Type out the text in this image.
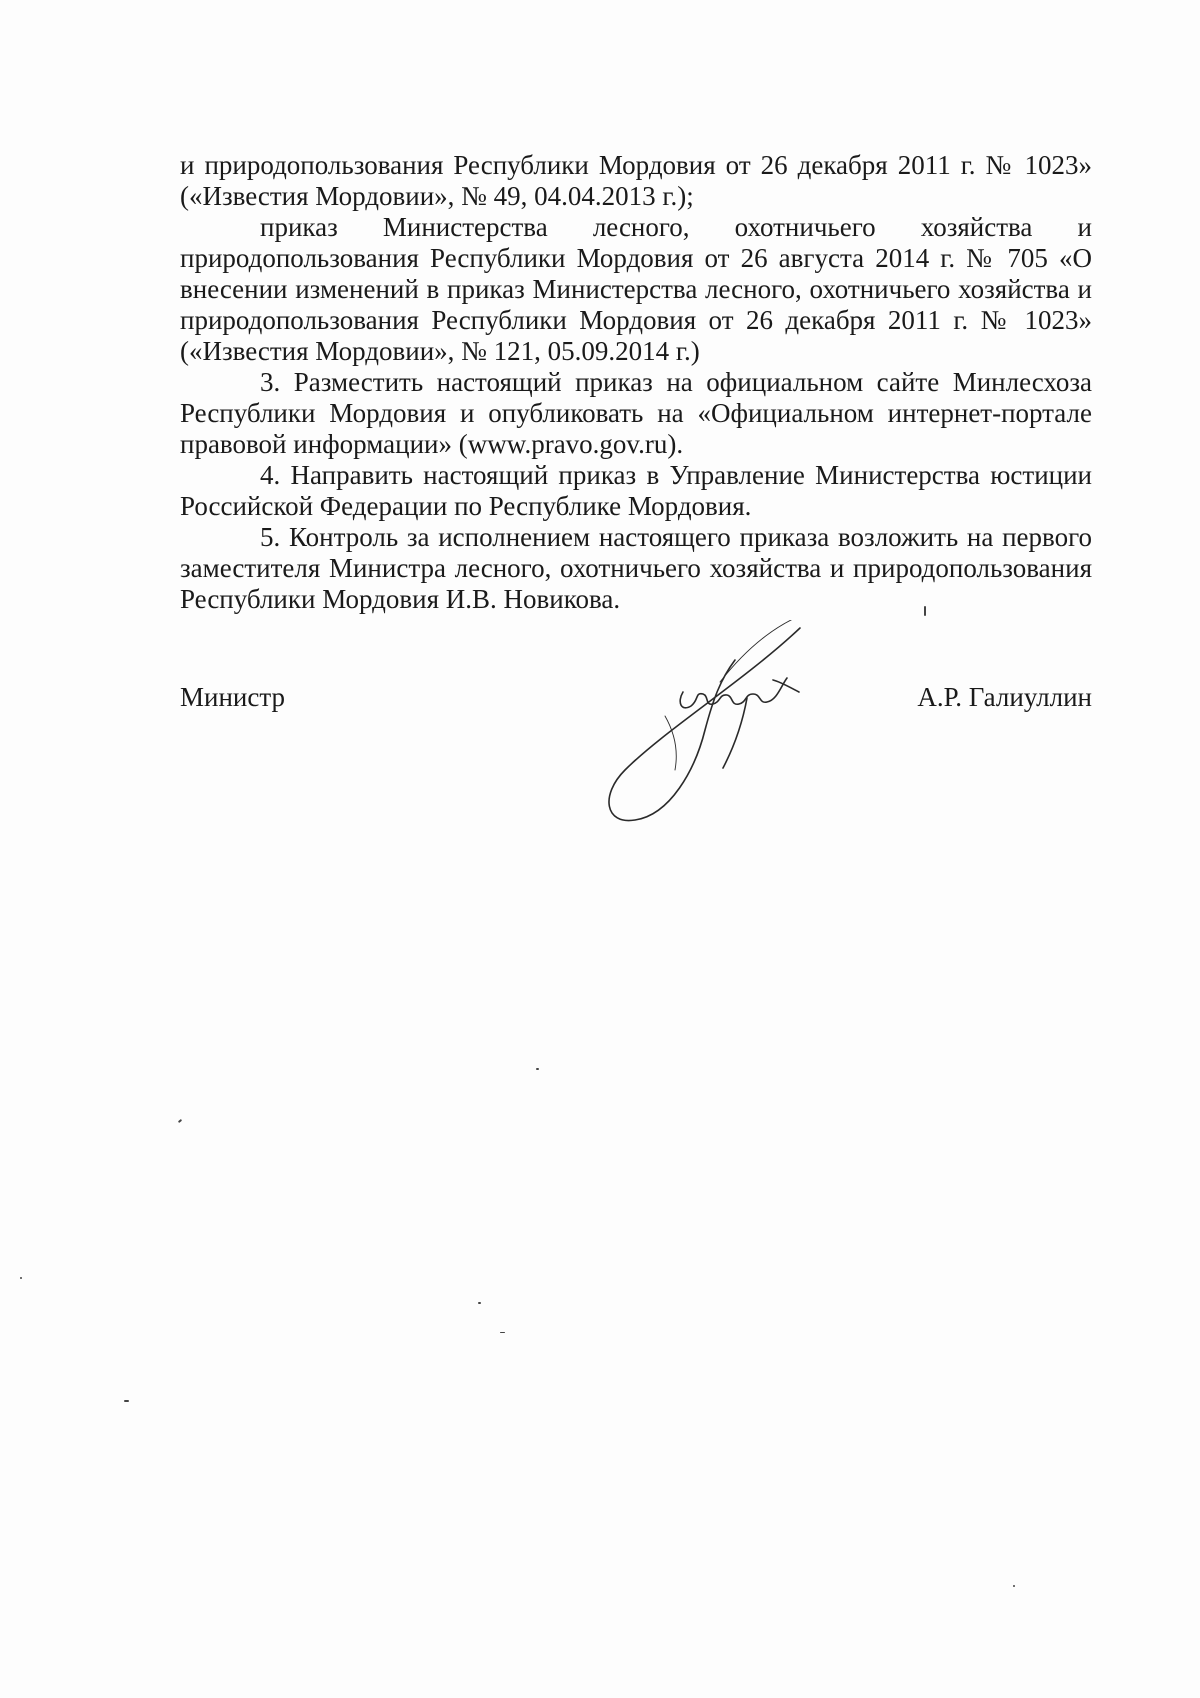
и природопользования Республики Мордовия от 26 декабря 2011 г. № 1023» («Известия Мордовии», № 49, 04.04.2013 г.);

приказ Министерства лесного, охотничьего хозяйства и природопользования Республики Мордовия от 26 августа 2014 г. № 705 «О внесении изменений в приказ Министерства лесного, охотничьего хозяйства и природопользования Республики Мордовия от 26 декабря 2011 г. № 1023» («Известия Мордовии», № 121, 05.09.2014 г.)

3. Разместить настоящий приказ на официальном сайте Минлесхоза Республики Мордовия и опубликовать на «Официальном интернет-портале правовой информации» (www.pravo.gov.ru).

4. Направить настоящий приказ в Управление Министерства юстиции Российской Федерации по Республике Мордовия.

5. Контроль за исполнением настоящего приказа возложить на первого заместителя Министра лесного, охотничьего хозяйства и природопользования Республики Мордовия И.В. Новикова.

Министр	А.Р. Галиуллин
